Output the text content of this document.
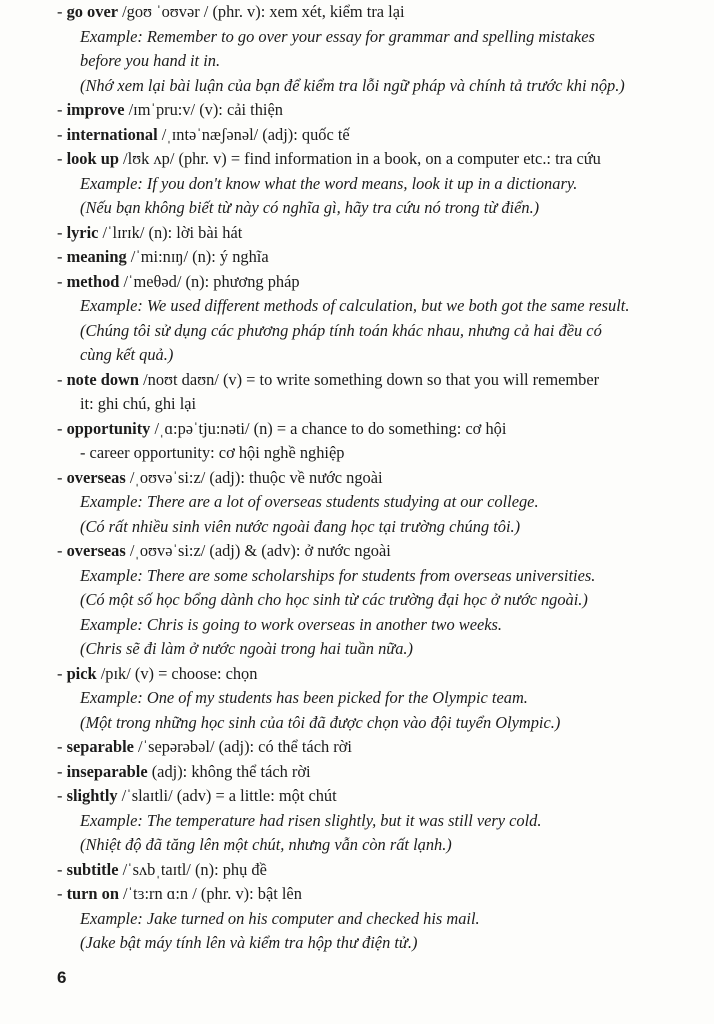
- go over /goʊ ˈoʊvər / (phr. v): xem xét, kiểm tra lại
Example: Remember to go over your essay for grammar and spelling mistakes
before you hand it in.
(Nhớ xem lại bài luận của bạn để kiểm tra lỗi ngữ pháp và chính tả trước khi nộp.)
- improve /ɪmˈpru:v/ (v): cải thiện
- international /ˌɪntəˈnæʃənəl/ (adj): quốc tế
- look up /lʊk ʌp/ (phr. v) = find information in a book, on a computer etc.: tra cứu
Example: If you don't know what the word means, look it up in a dictionary.
(Nếu bạn không biết từ này có nghĩa gì, hãy tra cứu nó trong từ điển.)
- lyric /ˈlɪrɪk/ (n): lời bài hát
- meaning /ˈmi:nɪŋ/ (n): ý nghĩa
- method /ˈmeθəd/ (n): phương pháp
Example: We used different methods of calculation, but we both got the same result.
(Chúng tôi sử dụng các phương pháp tính toán khác nhau, nhưng cả hai đều có
cùng kết quả.)
- note down /noʊt daʊn/ (v) = to write something down so that you will remember
it: ghi chú, ghi lại
- opportunity /ˌɑ:pəˈtju:nəti/ (n) = a chance to do something: cơ hội
- career opportunity: cơ hội nghề nghiệp
- overseas /ˌoʊvəˈsi:z/ (adj): thuộc về nước ngoài
Example: There are a lot of overseas students studying at our college.
(Có rất nhiều sinh viên nước ngoài đang học tại trường chúng tôi.)
- overseas /ˌoʊvəˈsi:z/ (adj) & (adv): ở nước ngoài
Example: There are some scholarships for students from overseas universities.
(Có một số học bổng dành cho học sinh từ các trường đại học ở nước ngoài.)
Example: Chris is going to work overseas in another two weeks.
(Chris sẽ đi làm ở nước ngoài trong hai tuần nữa.)
- pick /pɪk/ (v) = choose: chọn
Example: One of my students has been picked for the Olympic team.
(Một trong những học sinh của tôi đã được chọn vào đội tuyển Olympic.)
- separable /ˈsepərəbəl/ (adj): có thể tách rời
- inseparable (adj): không thể tách rời
- slightly /ˈslaɪtli/ (adv) = a little: một chút
Example: The temperature had risen slightly, but it was still very cold.
(Nhiệt độ đã tăng lên một chút, nhưng vẫn còn rất lạnh.)
- subtitle /ˈsʌbˌtaɪtl/ (n): phụ đề
- turn on /ˈtɜ:rn ɑ:n / (phr. v): bật lên
Example: Jake turned on his computer and checked his mail.
(Jake bật máy tính lên và kiểm tra hộp thư điện tử.)
6
